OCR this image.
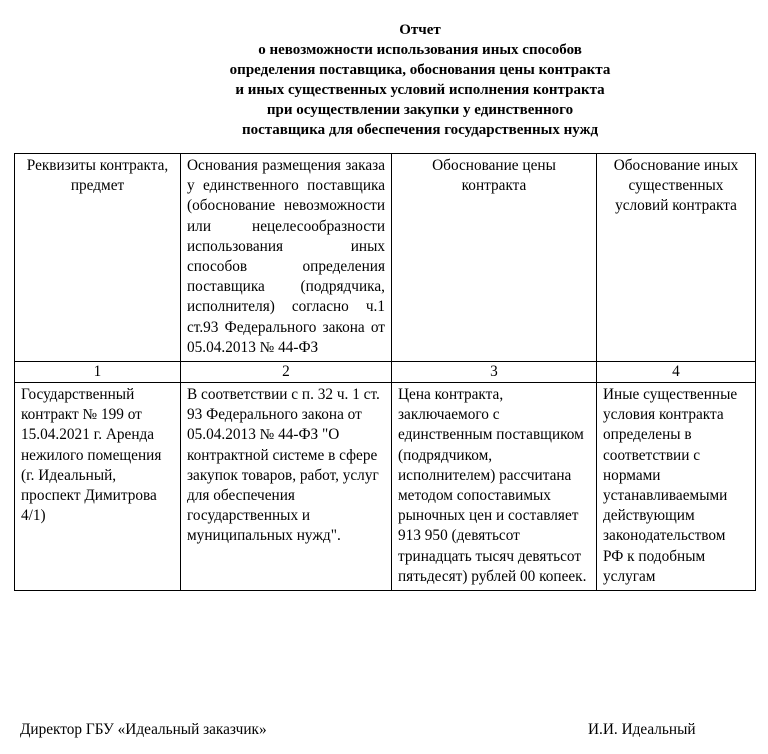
Отчет
о невозможности использования иных способов
определения поставщика, обоснования цены контракта
и иных существенных условий исполнения контракта
при осуществлении закупки у единственного
поставщика для обеспечения государственных нужд
Реквизиты контракта, предмет	Основания размещения заказа у единственного поставщика (обоснование невозможности или нецелесообразности использования иных способов определения поставщика (подрядчика, исполнителя) согласно ч.1 ст.93 Федерального закона от 05.04.2013 № 44-ФЗ	Обоснование цены контракта	Обоснование иных существенных условий контракта
1	2	3	4
Государственный контракт № 199 от 15.04.2021 г. Аренда нежилого помещения (г. Идеальный, проспект Димитрова 4/1)	В соответствии с п. 32 ч. 1 ст. 93 Федерального закона от 05.04.2013 № 44-ФЗ "О контрактной системе в сфере закупок товаров, работ, услуг для обеспечения государственных и муниципальных нужд".	Цена контракта, заключаемого с единственным поставщиком (подрядчиком, исполнителем) рассчитана методом сопоставимых рыночных цен и составляет 913 950 (девятьсот тринадцать тысяч девятьсот пятьдесят) рублей 00 копеек.	Иные существенные условия контракта определены в соответствии с нормами устанавливаемыми действующим законодательством РФ к подобным услугам
Директор ГБУ «Идеальный заказчик»	И.И. Идеальный
